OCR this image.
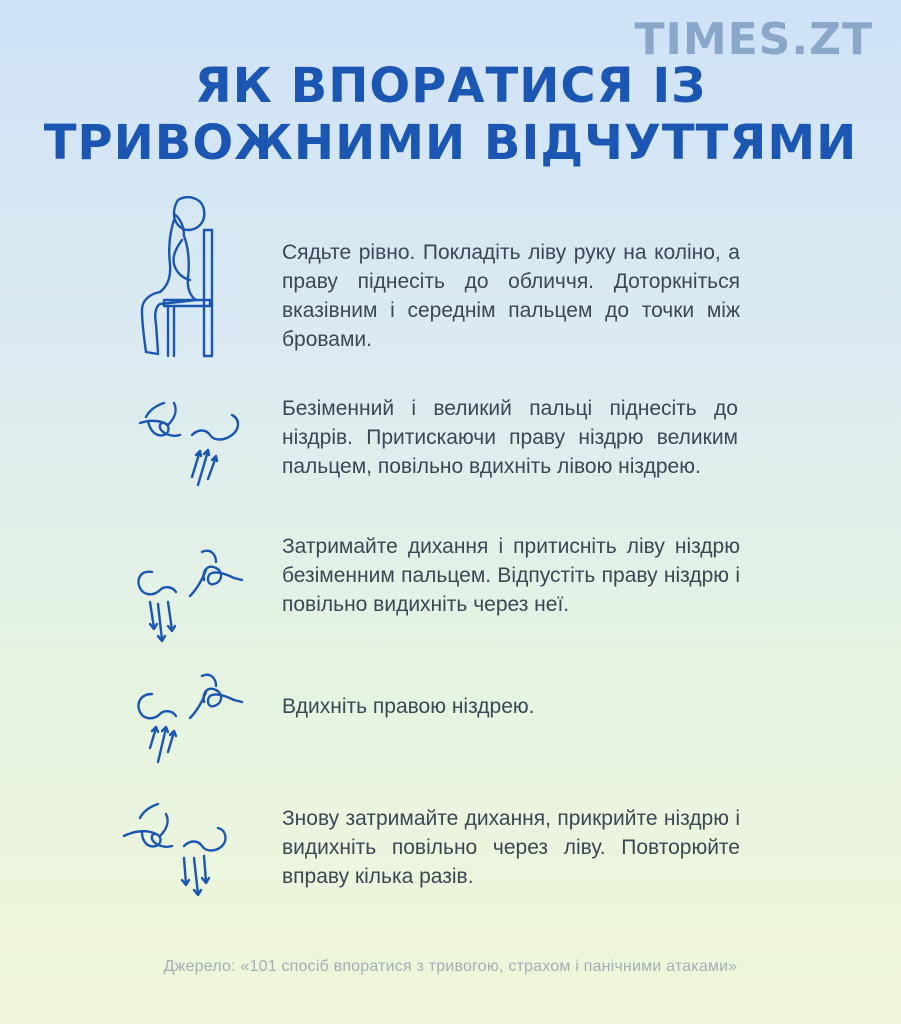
TIMES.ZT
ЯК ВПОРАТИСЯ ІЗ
ТРИВОЖНИМИ ВІДЧУТТЯМИ

Сядьте рівно. Покладіть ліву руку на коліно, а праву піднесіть до обличчя. Доторкніться вказівним і середнім пальцем до точки між бровами.

Безіменний і великий пальці піднесіть до ніздрів. Притискаючи праву ніздрю великим пальцем, повільно вдихніть лівою ніздрею.

Затримайте дихання і притисніть ліву ніздрю безіменним пальцем. Відпустіть праву ніздрю і повільно видихніть через неї.

Вдихніть правою ніздрею.

Знову затримайте дихання, прикрийте ніздрю і видихніть повільно через ліву. Повторюйте вправу кілька разів.

Джерело: «101 спосіб впоратися з тривогою, страхом і панічними атаками»
